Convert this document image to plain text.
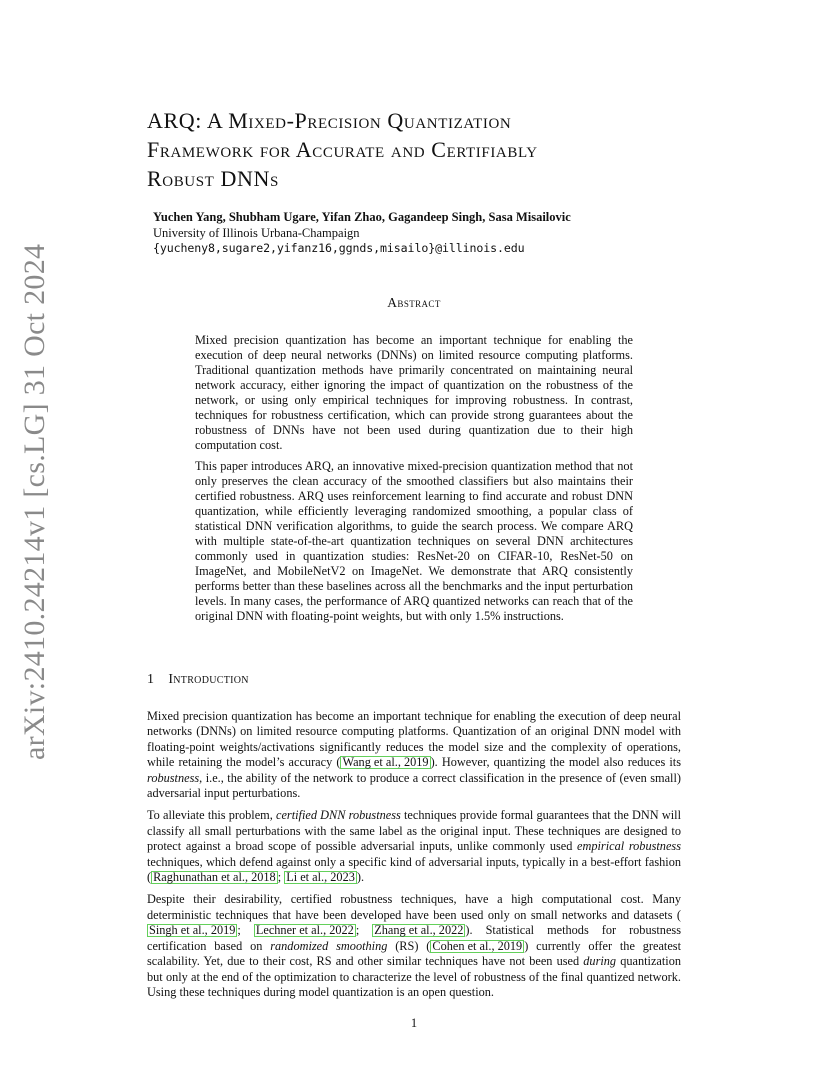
arXiv:2410.24214v1 [cs.LG] 31 Oct 2024
ARQ: A Mixed-Precision Quantization
Framework for Accurate and Certifiably
Robust DNNs
Yuchen Yang, Shubham Ugare, Yifan Zhao, Gagandeep Singh, Sasa Misailovic
University of Illinois Urbana-Champaign
{yucheny8,sugare2,yifanz16,ggnds,misailo}@illinois.edu
Abstract

Mixed precision quantization has become an important technique for enabling the execution of deep neural networks (DNNs) on limited resource computing platforms. Traditional quantization methods have primarily concentrated on maintaining neural network accuracy, either ignoring the impact of quantization on the robustness of the network, or using only empirical techniques for improving robustness. In contrast, techniques for robustness certification, which can provide strong guarantees about the robustness of DNNs have not been used during quantization due to their high computation cost.

This paper introduces ARQ, an innovative mixed-precision quantization method that not only preserves the clean accuracy of the smoothed classifiers but also maintains their certified robustness. ARQ uses reinforcement learning to find accurate and robust DNN quantization, while efficiently leveraging randomized smoothing, a popular class of statistical DNN verification algorithms, to guide the search process. We compare ARQ with multiple state-of-the-art quantization techniques on several DNN architectures commonly used in quantization studies: ResNet-20 on CIFAR-10, ResNet-50 on ImageNet, and MobileNetV2 on ImageNet. We demonstrate that ARQ consistently performs better than these baselines across all the benchmarks and the input perturbation levels. In many cases, the performance of ARQ quantized networks can reach that of the original DNN with floating-point weights, but with only 1.5% instructions.

1 Introduction

Mixed precision quantization has become an important technique for enabling the execution of deep neural networks (DNNs) on limited resource computing platforms. Quantization of an original DNN model with floating-point weights/activations significantly reduces the model size and the complexity of operations, while retaining the model’s accuracy ( Wang et al., 2019 ). However, quantizing the model also reduces its robustness, i.e., the ability of the network to produce a correct classification in the presence of (even small) adversarial input perturbations.

To alleviate this problem, certified DNN robustness techniques provide formal guarantees that the DNN will classify all small perturbations with the same label as the original input. These techniques are designed to protect against a broad scope of possible adversarial inputs, unlike commonly used empirical robustness techniques, which defend against only a specific kind of adversarial inputs, typically in a best-effort fashion ( Raghunathan et al., 2018 ; Li et al., 2023 ).

Despite their desirability, certified robustness techniques, have a high computational cost. Many deterministic techniques that have been developed have been used only on small networks and datasets (Singh et al., 2019 ; Lechner et al., 2022 ; Zhang et al., 2022 ). Statistical methods for robustness certification based on randomized smoothing (RS) ( Cohen et al., 2019 ) currently offer the greatest scalability. Yet, due to their cost, RS and other similar techniques have not been used during quantization but only at the end of the optimization to characterize the level of robustness of the final quantized network. Using these techniques during model quantization is an open question.

1
